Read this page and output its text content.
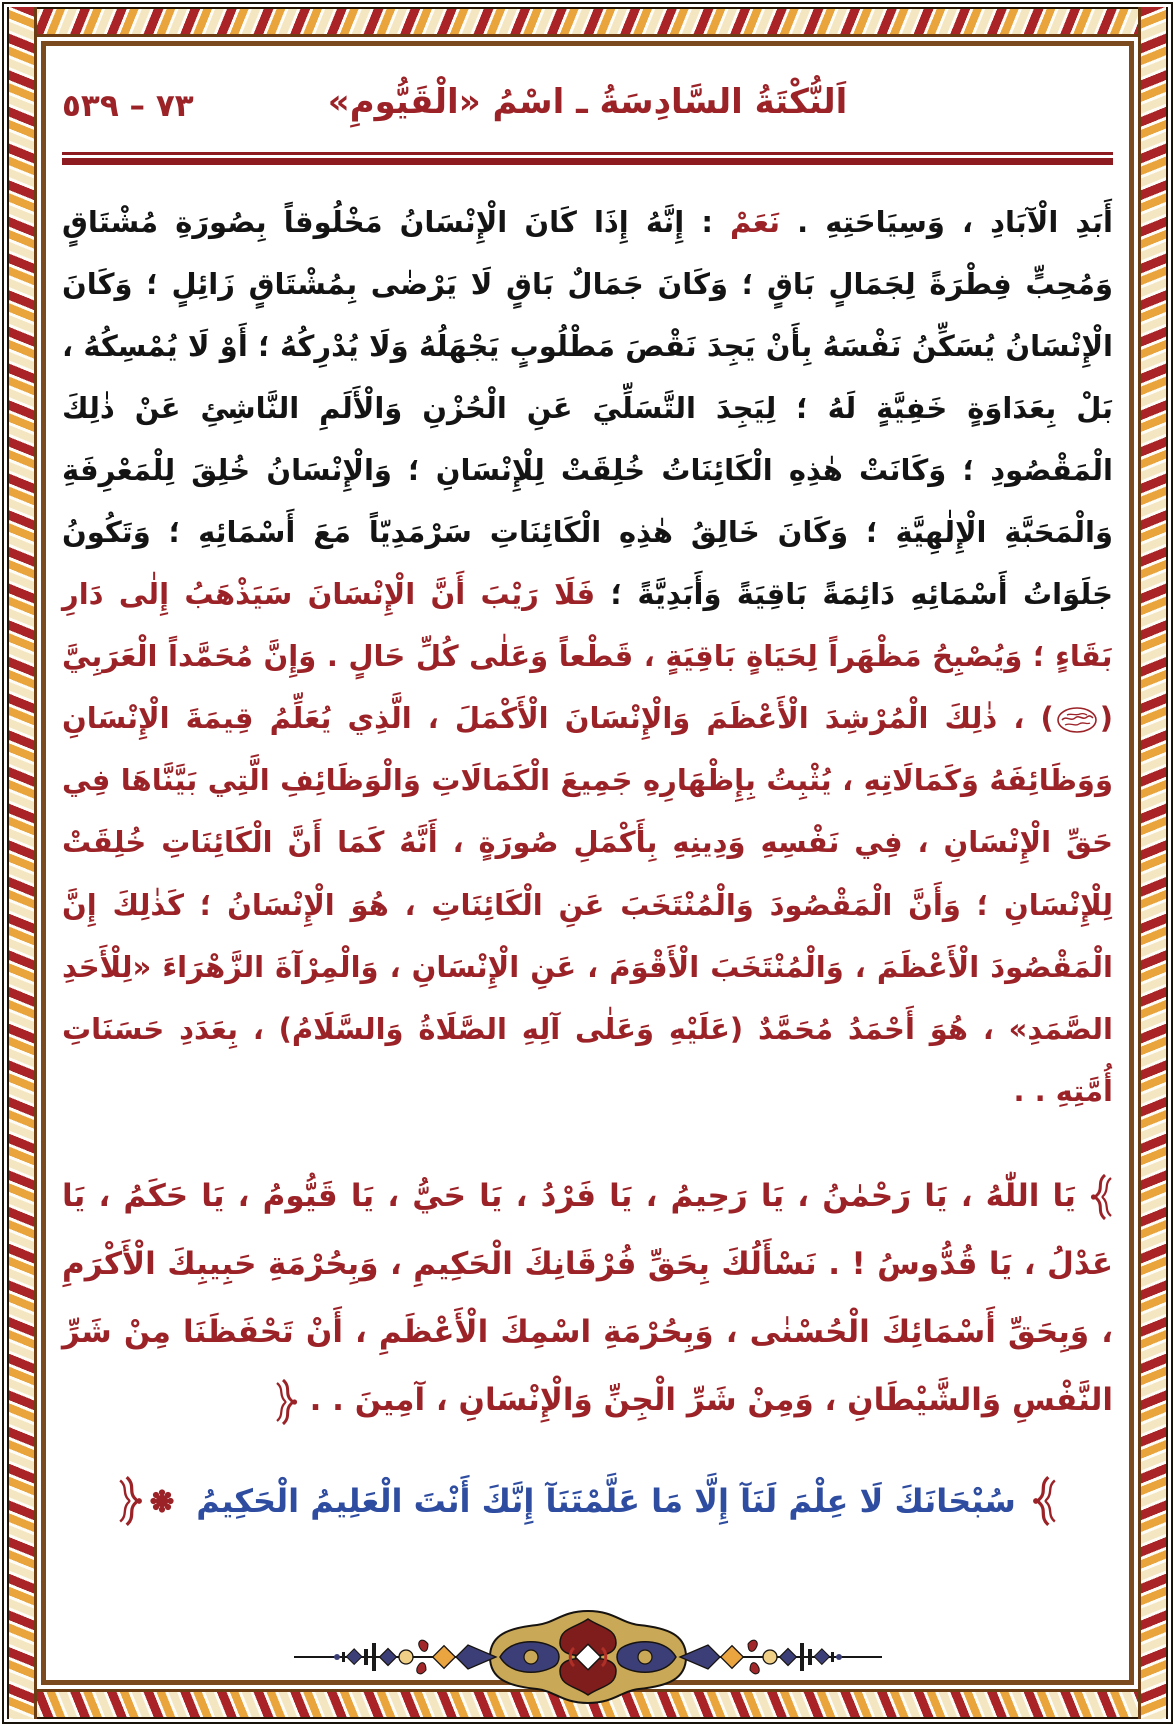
٧٣ – ٥٣٩	اَلنُّكْتَةُ السَّادِسَةُ ـ اسْمُ «الْقَيُّومِ»

أَبَدِ الْآبَادِ ، وَسِيَاحَتِهِ . نَعَمْ : إِنَّهُ إِذَا كَانَ الْإِنْسَانُ مَخْلُوقاً بِصُورَةِ مُشْتَاقٍ وَمُحِبٍّ فِطْرَةً لِجَمَالٍ بَاقٍ ؛ وَكَانَ جَمَالٌ بَاقٍ لَا يَرْضٰى بِمُشْتَاقٍ زَائِلٍ ؛ وَكَانَ الْإِنْسَانُ يُسَكِّنُ نَفْسَهُ بِأَنْ يَجِدَ نَقْصَ مَطْلُوبٍ يَجْهَلُهُ وَلَا يُدْرِكُهُ ؛ أَوْ لَا يُمْسِكُهُ ، بَلْ بِعَدَاوَةٍ خَفِيَّةٍ لَهُ ؛ لِيَجِدَ التَّسَلِّيَ عَنِ الْحُزْنِ وَالْأَلَمِ النَّاشِئِ عَنْ ذٰلِكَ الْمَقْصُودِ ؛ وَكَانَتْ هٰذِهِ الْكَائِنَاتُ خُلِقَتْ لِلْإِنْسَانِ ؛ وَالْإِنْسَانُ خُلِقَ لِلْمَعْرِفَةِ وَالْمَحَبَّةِ الْإِلٰهِيَّةِ ؛ وَكَانَ خَالِقُ هٰذِهِ الْكَائِنَاتِ سَرْمَدِيّاً مَعَ أَسْمَائِهِ ؛ وَتَكُونُ جَلَوَاتُ أَسْمَائِهِ دَائِمَةً بَاقِيَةً وَأَبَدِيَّةً ؛ فَلَا رَيْبَ أَنَّ الْإِنْسَانَ سَيَذْهَبُ إِلٰى دَارِ بَقَاءٍ ؛ وَيُصْبِحُ مَظْهَراً لِحَيَاةٍ بَاقِيَةٍ ، قَطْعاً وَعَلٰى كُلِّ حَالٍ . وَإِنَّ مُحَمَّداً الْعَرَبِيَّ () ، ذٰلِكَ الْمُرْشِدَ الْأَعْظَمَ وَالْإِنْسَانَ الْأَكْمَلَ ، الَّذِي يُعَلِّمُ قِيمَةَ الْإِنْسَانِ وَوَظَائِفَهُ وَكَمَالَاتِهِ ، يُثْبِتُ بِإِظْهَارِهِ جَمِيعَ الْكَمَالَاتِ وَالْوَظَائِفِ الَّتِي بَيَّنَّاهَا فِي حَقِّ الْإِنْسَانِ ، فِي نَفْسِهِ وَدِينِهِ بِأَكْمَلِ صُورَةٍ ، أَنَّهُ كَمَا أَنَّ الْكَائِنَاتِ خُلِقَتْ لِلْإِنْسَانِ ؛ وَأَنَّ الْمَقْصُودَ وَالْمُنْتَخَبَ عَنِ الْكَائِنَاتِ ، هُوَ الْإِنْسَانُ ؛ كَذٰلِكَ إِنَّ الْمَقْصُودَ الْأَعْظَمَ ، وَالْمُنْتَخَبَ الْأَقْوَمَ ، عَنِ الْإِنْسَانِ ، وَالْمِرْآةَ الزَّهْرَاءَ «لِلْأَحَدِ الصَّمَدِ» ، هُوَ أَحْمَدُ مُحَمَّدٌ (عَلَيْهِ وَعَلٰى آلِهِ الصَّلَاةُ وَالسَّلَامُ) ، بِعَدَدِ حَسَنَاتِ أُمَّتِهِ . .

يَا اللّٰهُ ، يَا رَحْمٰنُ ، يَا رَحِيمُ ، يَا فَرْدُ ، يَا حَيُّ ، يَا قَيُّومُ ، يَا حَكَمُ ، يَا عَدْلُ ، يَا قُدُّوسُ ! . نَسْأَلُكَ بِحَقِّ فُرْقَانِكَ الْحَكِيمِ ، وَبِحُرْمَةِ حَبِيبِكَ الْأَكْرَمِ ، وَبِحَقِّ أَسْمَائِكَ الْحُسْنٰى ، وَبِحُرْمَةِ اسْمِكَ الْأَعْظَمِ ، أَنْ تَحْفَظَنَا مِنْ شَرِّ النَّفْسِ وَالشَّيْطَانِ ، وَمِنْ شَرِّ الْجِنِّ وَالْإِنْسَانِ ، آمِينَ . .

سُبْحَانَكَ لَا عِلْمَ لَنَآ إِلَّا مَا عَلَّمْتَنَآ إِنَّكَ أَنْتَ الْعَلِيمُ الْحَكِيمُ
